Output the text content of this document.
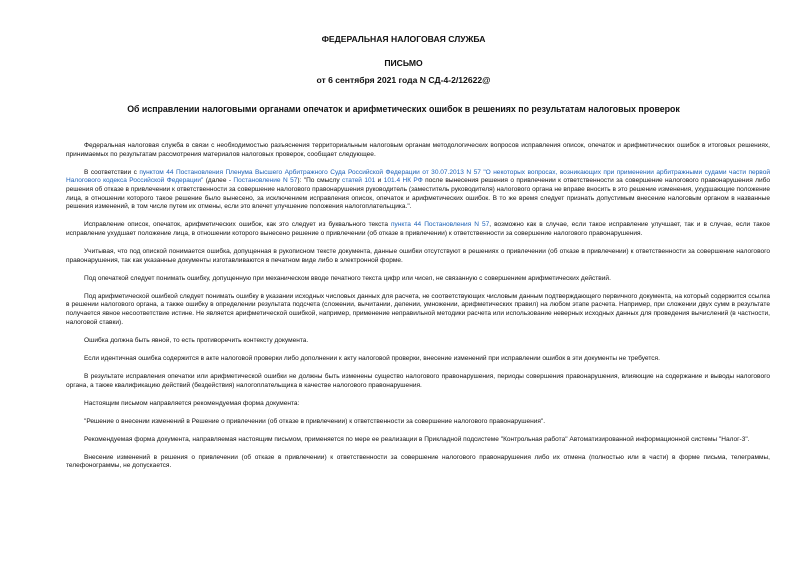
ФЕДЕРАЛЬНАЯ НАЛОГОВАЯ СЛУЖБА
ПИСЬМО
от 6 сентября 2021 года N СД-4-2/12622@
Об исправлении налоговыми органами опечаток и арифметических ошибок в решениях по результатам налоговых проверок

Федеральная налоговая служба в связи с необходимостью разъяснения территориальным налоговым органам методологических вопросов исправления описок, опечаток и арифметических ошибок в итоговых решениях, принимаемых по результатам рассмотрения материалов налоговых проверок, сообщает следующее.

В соответствии с пунктом 44 Постановления Пленума Высшего Арбитражного Суда Российской Федерации от 30.07.2013 N 57 "О некоторых вопросах, возникающих при применении арбитражными судами части первой Налогового кодекса Российской Федерации" (далее - Постановление N 57): "По смыслу статей 101 и 101.4 НК РФ после вынесения решения о привлечении к ответственности за совершение налогового правонарушения либо решения об отказе в привлечении к ответственности за совершение налогового правонарушения руководитель (заместитель руководителя) налогового органа не вправе вносить в это решение изменения, ухудшающие положение лица, в отношении которого такое решение было вынесено, за исключением исправления описок, опечаток и арифметических ошибок. В то же время следует признать допустимым внесение налоговым органом в названные решения изменений, в том числе путем их отмены, если это влечет улучшение положения налогоплательщика.".

Исправление описок, опечаток, арифметических ошибок, как это следует из буквального текста пункта 44 Постановления N 57, возможно как в случае, если такое исправление улучшает, так и в случае, если такое исправление ухудшает положение лица, в отношении которого вынесено решение о привлечении (об отказе в привлечении) к ответственности за совершение налогового правонарушения.

Учитывая, что под опиской понимается ошибка, допущенная в рукописном тексте документа, данные ошибки отсутствуют в решениях о привлечении (об отказе в привлечении) к ответственности за совершение налогового правонарушения, так как указанные документы изготавливаются в печатном виде либо в электронной форме.

Под опечаткой следует понимать ошибку, допущенную при механическом вводе печатного текста цифр или чисел, не связанную с совершением арифметических действий.

Под арифметической ошибкой следует понимать ошибку в указании исходных числовых данных для расчета, не соответствующих числовым данным подтверждающего первичного документа, на который содержится ссылка в решении налогового органа, а также ошибку в определении результата подсчета (сложении, вычитании, делении, умножении, арифметических правил) на любом этапе расчета. Например, при сложении двух сумм в результате получается явное несоответствие истине. Не является арифметической ошибкой, например, применение неправильной методики расчета или использование неверных исходных данных для проведения вычислений (в частности, налоговой ставки).

Ошибка должна быть явной, то есть противоречить контексту документа.

Если идентичная ошибка содержится в акте налоговой проверки либо дополнении к акту налоговой проверки, внесение изменений при исправлении ошибок в эти документы не требуется.

В результате исправления опечатки или арифметической ошибки не должны быть изменены существо налогового правонарушения, периоды совершения правонарушения, влияющие на содержание и выводы налогового органа, а также квалификацию действий (бездействия) налогоплательщика в качестве налогового правонарушения.

Настоящим письмом направляется рекомендуемая форма документа:

"Решение о внесении изменений в Решение о привлечении (об отказе в привлечении) к ответственности за совершение налогового правонарушения".

Рекомендуемая форма документа, направляемая настоящим письмом, применяется по мере ее реализации в Прикладной подсистеме "Контрольная работа" Автоматизированной информационной системы "Налог-3".

Внесение изменений в решения о привлечении (об отказе в привлечении) к ответственности за совершение налогового правонарушения либо их отмена (полностью или в части) в форме письма, телеграммы, телефонограммы, не допускается.
